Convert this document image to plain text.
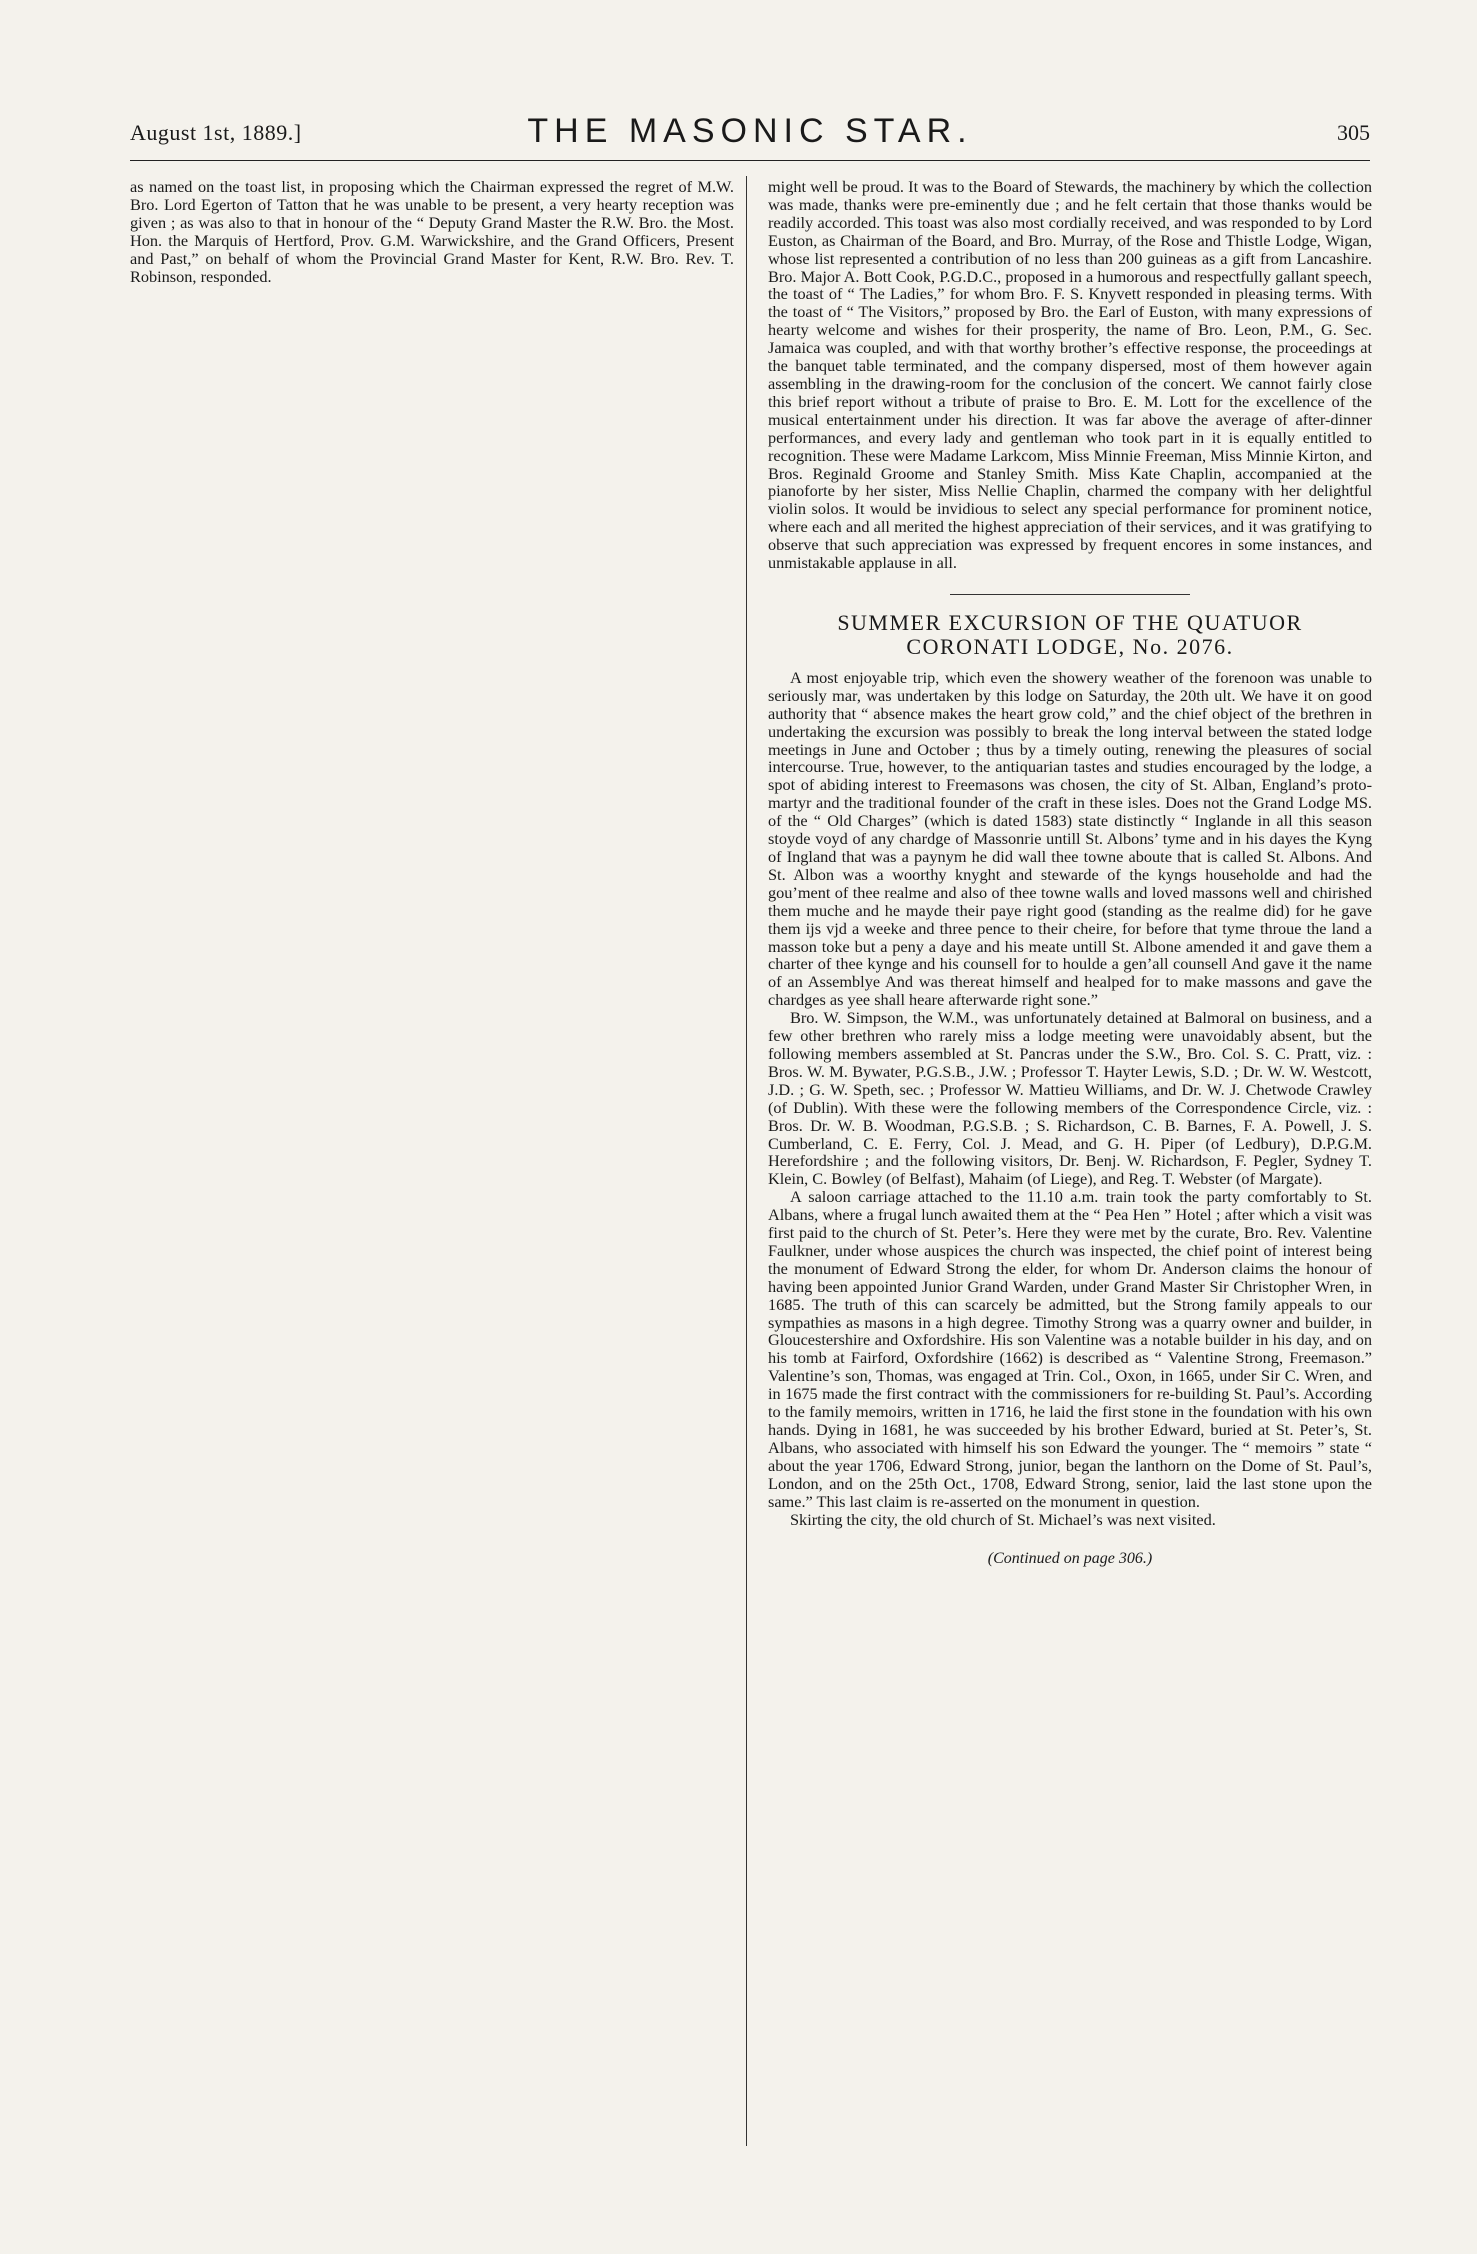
August 1st, 1889.]	THE MASONIC STAR.	305

as named on the toast list, in proposing which the Chairman expressed the regret of M.W. Bro. Lord Egerton of Tatton that he was unable to be present, a very hearty reception was given ; as was also to that in honour of the “ Deputy Grand Master the R.W. Bro. the Most. Hon. the Marquis of Hertford, Prov. G.M. Warwickshire, and the Grand Officers, Present and Past,” on behalf of whom the Provincial Grand Master for Kent, R.W. Bro. Rev. T. Robinson, responded.

might well be proud. It was to the Board of Stewards, the machinery by which the collection was made, thanks were pre-eminently due ; and he felt certain that those thanks would be readily accorded. This toast was also most cordially received, and was responded to by Lord Euston, as Chairman of the Board, and Bro. Murray, of the Rose and Thistle Lodge, Wigan, whose list represented a contribution of no less than 200 guineas as a gift from Lancashire. Bro. Major A. Bott Cook, P.G.D.C., proposed in a humorous and respectfully gallant speech, the toast of “ The Ladies,” for whom Bro. F. S. Knyvett responded in pleasing terms. With the toast of “ The Visitors,” proposed by Bro. the Earl of Euston, with many expressions of hearty welcome and wishes for their prosperity, the name of Bro. Leon, P.M., G. Sec. Jamaica was coupled, and with that worthy brother’s effective response, the proceedings at the banquet table terminated, and the company dispersed, most of them however again assembling in the drawing-room for the conclusion of the concert. We cannot fairly close this brief report without a tribute of praise to Bro. E. M. Lott for the excellence of the musical entertainment under his direction. It was far above the average of after-dinner performances, and every lady and gentleman who took part in it is equally entitled to recognition. These were Madame Larkcom, Miss Minnie Freeman, Miss Minnie Kirton, and Bros. Reginald Groome and Stanley Smith. Miss Kate Chaplin, accompanied at the pianoforte by her sister, Miss Nellie Chaplin, charmed the company with her delightful violin solos. It would be invidious to select any special performance for prominent notice, where each and all merited the highest appreciation of their services, and it was gratifying to observe that such appreciation was expressed by frequent encores in some instances, and unmistakable applause in all.

SUMMER EXCURSION OF THE QUATUOR
CORONATI LODGE, No. 2076.

A most enjoyable trip, which even the showery weather of the forenoon was unable to seriously mar, was undertaken by this lodge on Saturday, the 20th ult. We have it on good authority that “ absence makes the heart grow cold,” and the chief object of the brethren in undertaking the excursion was possibly to break the long interval between the stated lodge meetings in June and October ; thus by a timely outing, renewing the pleasures of social intercourse. True, however, to the antiquarian tastes and studies encouraged by the lodge, a spot of abiding interest to Freemasons was chosen, the city of St. Alban, England’s proto-martyr and the traditional founder of the craft in these isles. Does not the Grand Lodge MS. of the “ Old Charges” (which is dated 1583) state distinctly “ Inglande in all this season stoyde voyd of any chardge of Massonrie untill St. Albons’ tyme and in his dayes the Kyng of Ingland that was a paynym he did wall thee towne aboute that is called St. Albons. And St. Albon was a woorthy knyght and stewarde of the kyngs householde and had the gou’ment of thee realme and also of thee towne walls and loved massons well and chirished them muche and he mayde their paye right good (standing as the realme did) for he gave them ijs vjd a weeke and three pence to their cheire, for before that tyme throue the land a masson toke but a peny a daye and his meate untill St. Albone amended it and gave them a charter of thee kynge and his counsell for to houlde a gen’all counsell And gave it the name of an Assemblye And was thereat himself and healped for to make massons and gave the chardges as yee shall heare afterwarde right sone.”

Bro. W. Simpson, the W.M., was unfortunately detained at Balmoral on business, and a few other brethren who rarely miss a lodge meeting were unavoidably absent, but the following members assembled at St. Pancras under the S.W., Bro. Col. S. C. Pratt, viz. : Bros. W. M. Bywater, P.G.S.B., J.W. ; Professor T. Hayter Lewis, S.D. ; Dr. W. W. Westcott, J.D. ; G. W. Speth, sec. ; Professor W. Mattieu Williams, and Dr. W. J. Chetwode Crawley (of Dublin). With these were the following members of the Correspondence Circle, viz. : Bros. Dr. W. B. Woodman, P.G.S.B. ; S. Richardson, C. B. Barnes, F. A. Powell, J. S. Cumberland, C. E. Ferry, Col. J. Mead, and G. H. Piper (of Ledbury), D.P.G.M. Herefordshire ; and the following visitors, Dr. Benj. W. Richardson, F. Pegler, Sydney T. Klein, C. Bowley (of Belfast), Mahaim (of Liege), and Reg. T. Webster (of Margate).

A saloon carriage attached to the 11.10 a.m. train took the party comfortably to St. Albans, where a frugal lunch awaited them at the “ Pea Hen ” Hotel ; after which a visit was first paid to the church of St. Peter’s. Here they were met by the curate, Bro. Rev. Valentine Faulkner, under whose auspices the church was inspected, the chief point of interest being the monument of Edward Strong the elder, for whom Dr. Anderson claims the honour of having been appointed Junior Grand Warden, under Grand Master Sir Christopher Wren, in 1685. The truth of this can scarcely be admitted, but the Strong family appeals to our sympathies as masons in a high degree. Timothy Strong was a quarry owner and builder, in Gloucestershire and Oxfordshire. His son Valentine was a notable builder in his day, and on his tomb at Fairford, Oxfordshire (1662) is described as “ Valentine Strong, Freemason.” Valentine’s son, Thomas, was engaged at Trin. Col., Oxon, in 1665, under Sir C. Wren, and in 1675 made the first contract with the commissioners for re-building St. Paul’s. According to the family memoirs, written in 1716, he laid the first stone in the foundation with his own hands. Dying in 1681, he was succeeded by his brother Edward, buried at St. Peter’s, St. Albans, who associated with himself his son Edward the younger. The “ memoirs ” state “ about the year 1706, Edward Strong, junior, began the lanthorn on the Dome of St. Paul’s, London, and on the 25th Oct., 1708, Edward Strong, senior, laid the last stone upon the same.” This last claim is re-asserted on the monument in question.

Skirting the city, the old church of St. Michael’s was next visited.

(Continued on page 306.)
